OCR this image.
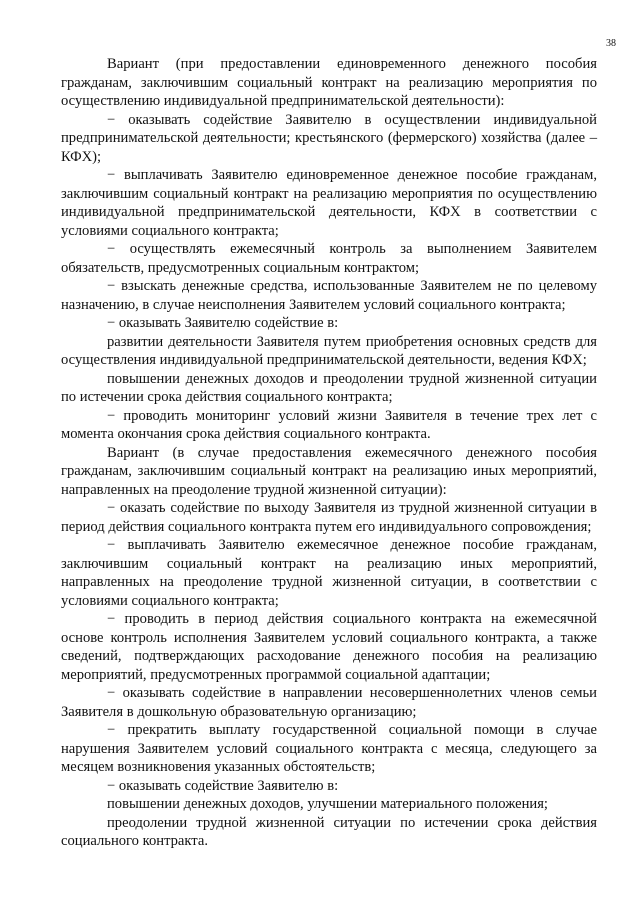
38

Вариант (при предоставлении единовременного денежного пособия гражданам, заключившим социальный контракт на реализацию мероприятия по осуществлению индивидуальной предпринимательской деятельности):

− оказывать содействие Заявителю в осуществлении индивидуальной предпринимательской деятельности; крестьянского (фермерского) хозяйства (далее – КФХ);

− выплачивать Заявителю единовременное денежное пособие гражданам, заключившим социальный контракт на реализацию мероприятия по осуществлению индивидуальной предпринимательской деятельности, КФХ в соответствии с условиями социального контракта;

− осуществлять ежемесячный контроль за выполнением Заявителем обязательств, предусмотренных социальным контрактом;

− взыскать денежные средства, использованные Заявителем не по целевому назначению, в случае неисполнения Заявителем условий социального контракта;

− оказывать Заявителю содействие в:

развитии деятельности Заявителя путем приобретения основных средств для осуществления индивидуальной предпринимательской деятельности, ведения КФХ;

повышении денежных доходов и преодолении трудной жизненной ситуации по истечении срока действия социального контракта;

− проводить мониторинг условий жизни Заявителя в течение трех лет с момента окончания срока действия социального контракта.

Вариант (в случае предоставления ежемесячного денежного пособия гражданам, заключившим социальный контракт на реализацию иных мероприятий, направленных на преодоление трудной жизненной ситуации):

− оказать содействие по выходу Заявителя из трудной жизненной ситуации в период действия социального контракта путем его индивидуального сопровождения;

− выплачивать Заявителю ежемесячное денежное пособие гражданам, заключившим социальный контракт на реализацию иных мероприятий, направленных на преодоление трудной жизненной ситуации, в соответствии с условиями социального контракта;

− проводить в период действия социального контракта на ежемесячной основе контроль исполнения Заявителем условий социального контракта, а также сведений, подтверждающих расходование денежного пособия на реализацию мероприятий, предусмотренных программой социальной адаптации;

− оказывать содействие в направлении несовершеннолетних членов семьи Заявителя в дошкольную образовательную организацию;

− прекратить выплату государственной социальной помощи в случае нарушения Заявителем условий социального контракта с месяца, следующего за месяцем возникновения указанных обстоятельств;

− оказывать содействие Заявителю в:

повышении денежных доходов, улучшении материального положения;

преодолении трудной жизненной ситуации по истечении срока действия социального контракта.
